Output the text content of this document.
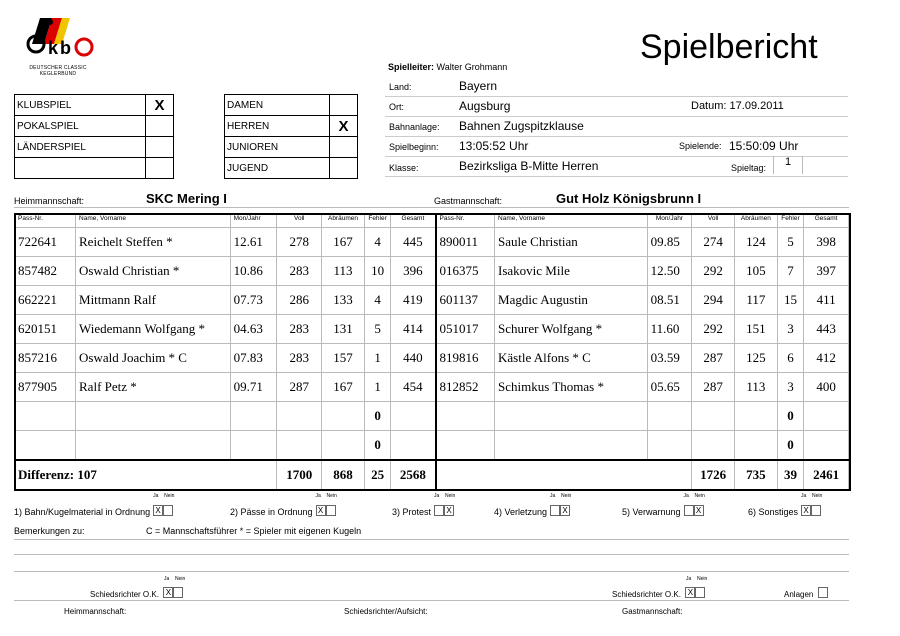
k b
DEUTSCHER CLASSIC
KEGLERBUND
Spielbericht
Spielleiter: Walter Grohmann
KLUBSPIEL	X
POKALSPIEL	
LÄNDERSPIEL	

DAMEN	
HERREN	X
JUNIOREN	
JUGEND	
Land:	Bayern
Ort:	Augsburg	Datum: 17.09.2011
Bahnanlage: Bahnen Zugspitzklause
Spielbeginn: 13:05:52 Uhr	Spielende: 15:50:09 Uhr
Klasse:	Bezirksliga B-Mitte Herren	Spieltag:	1
Heimmannschaft:	SKC Mering I	Gastmannschaft:	Gut Holz Königsbrunn I
Pass-Nr.	Name, Vorname	Mon/Jahr	Voll	Abräumen	Fehler	Gesamt	Pass-Nr.	Name, Vorname	Mon/Jahr	Voll	Abräumen	Fehler	Gesamt
722641	Reichelt Steffen *	12.61	278	167	4	445	890011	Saule Christian	09.85	274	124	5	398
857482	Oswald Christian *	10.86	283	113	10	396	016375	Isakovic Mile	12.50	292	105	7	397
662221	Mittmann Ralf	07.73	286	133	4	419	601137	Magdic Augustin	08.51	294	117	15	411
620151	Wiedemann Wolfgang *	04.63	283	131	5	414	051017	Schurer Wolfgang *	11.60	292	151	3	443
857216	Oswald Joachim * C	07.83	283	157	1	440	819816	Kästle Alfons * C	03.59	287	125	6	412
877905	Ralf Petz *	09.71	287	167	1	454	812852	Schimkus Thomas *	05.65	287	113	3	400
					0							0	
					0							0	
Differenz: 107			1700	868	25	2568				1726	735	39	2461
$_{1) Bahn/Kugelmaterial in Ordnung}$
Ja Nein
X	$_{2) Pässe in Ordnung}$
Ja Nein
X	$_{3) Protest}$
Ja Nein
X	$_{4) Verletzung}$
Ja Nein
X	$_{5) Verwarnung}$
Ja Nein
X	$_{6) Sonstiges}$
Ja Nein
X
Bemerkungen zu:	C = Mannschaftsführer * = Spieler mit eigenen Kugeln
Ja Nein
$_{Schiedsrichter O.K.}$ X
Ja Nein
$_{Schiedsrichter O.K.}$ X	Anlagen
Heimmannschaft:	Schiedsrichter/Aufsicht:	Gastmannschaft:
